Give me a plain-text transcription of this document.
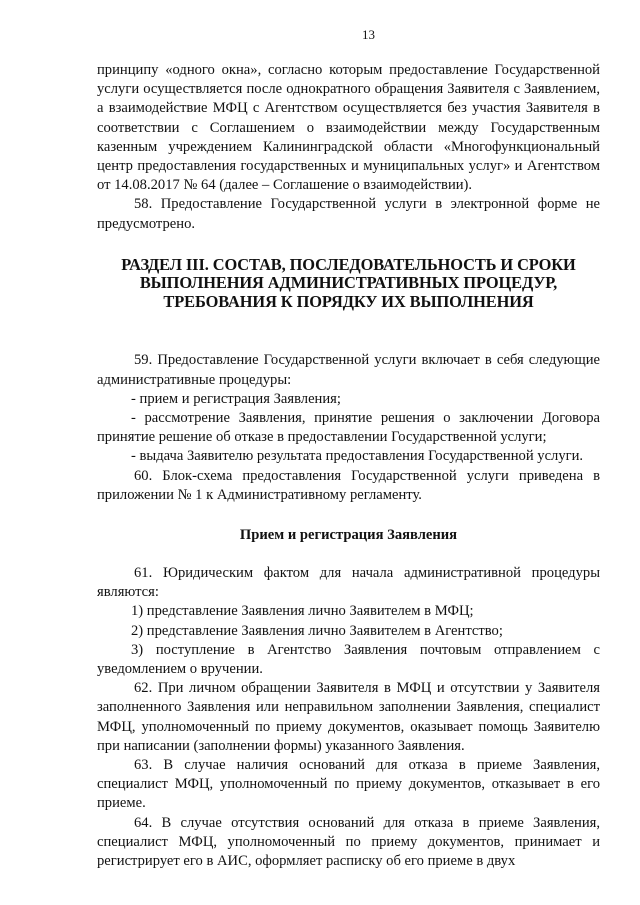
13

принципу «одного окна», согласно которым предоставление Государственной услуги осуществляется после однократного обращения Заявителя с Заявлением, а взаимодействие МФЦ с Агентством осуществляется без участия Заявителя в соответствии с Соглашением о взаимодействии между Государственным казенным учреждением Калининградской области «Многофункциональный центр предоставления государственных и муниципальных услуг» и Агентством от 14.08.2017 № 64 (далее – Соглашение о взаимодействии).

58. Предоставление Государственной услуги в электронной форме не предусмотрено.

РАЗДЕЛ III. СОСТАВ, ПОСЛЕДОВАТЕЛЬНОСТЬ И СРОКИ ВЫПОЛНЕНИЯ АДМИНИСТРАТИВНЫХ ПРОЦЕДУР, ТРЕБОВАНИЯ К ПОРЯДКУ ИХ ВЫПОЛНЕНИЯ

59. Предоставление Государственной услуги включает в себя следующие административные процедуры:

- прием и регистрация Заявления;

- рассмотрение Заявления, принятие решения о заключении Договора принятие решение об отказе в предоставлении Государственной услуги;

- выдача Заявителю результата предоставления Государственной услуги.

60. Блок-схема предоставления Государственной услуги приведена в приложении № 1 к Административному регламенту.

Прием и регистрация Заявления

61. Юридическим фактом для начала административной процедуры являются:

1) представление Заявления лично Заявителем в МФЦ;

2) представление Заявления лично Заявителем в Агентство;

3) поступление в Агентство Заявления почтовым отправлением с уведомлением о вручении.

62. При личном обращении Заявителя в МФЦ и отсутствии у Заявителя заполненного Заявления или неправильном заполнении Заявления, специалист МФЦ, уполномоченный по приему документов, оказывает помощь Заявителю при написании (заполнении формы) указанного Заявления.

63. В случае наличия оснований для отказа в приеме Заявления, специалист МФЦ, уполномоченный по приему документов, отказывает в его приеме.

64. В случае отсутствия оснований для отказа в приеме Заявления, специалист МФЦ, уполномоченный по приему документов, принимает и регистрирует его в АИС, оформляет расписку об его приеме в двух
